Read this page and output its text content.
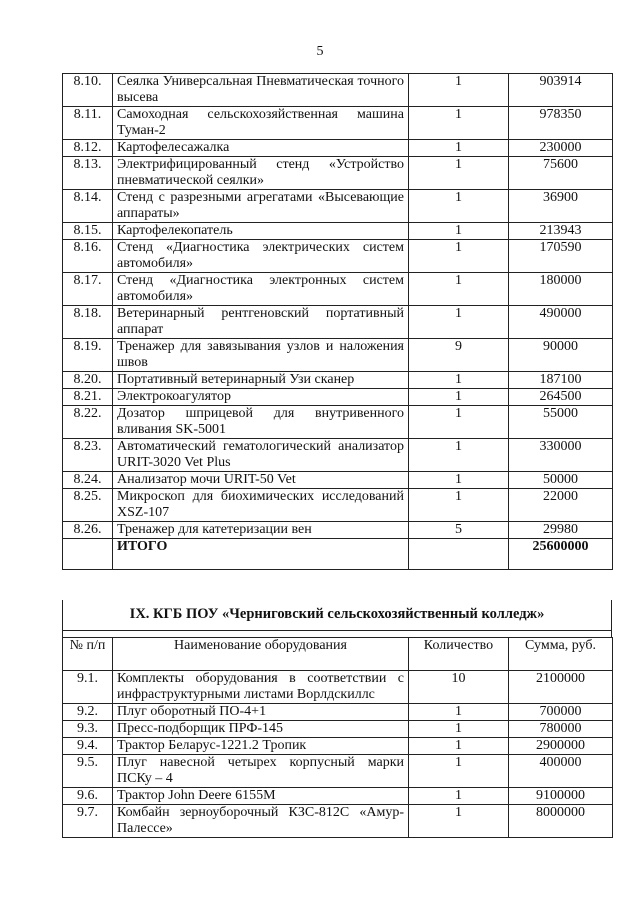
5
8.10.	Сеялка Универсальная Пневматическая точного высева	1	903914
8.11.	Самоходная сельскохозяйственная машина Туман-2	1	978350
8.12.	Картофелесажалка	1	230000
8.13.	Электрифицированный стенд «Устройство пневматической сеялки»	1	75600
8.14.	Стенд с разрезными агрегатами «Высевающие аппараты»	1	36900
8.15.	Картофелекопатель	1	213943
8.16.	Стенд «Диагностика электрических систем автомобиля»	1	170590
8.17.	Стенд «Диагностика электронных систем автомобиля»	1	180000
8.18.	Ветеринарный рентгеновский портативный аппарат	1	490000
8.19.	Тренажер для завязывания узлов и наложения швов	9	90000
8.20.	Портативный ветеринарный Узи сканер	1	187100
8.21.	Электрокоагулятор	1	264500
8.22.	Дозатор шприцевой для внутривенного вливания SK-5001	1	55000
8.23.	Автоматический гематологический анализатор URIT-3020 Vet Plus	1	330000
8.24.	Анализатор мочи URIT-50 Vet	1	50000
8.25.	Микроскоп для биохимических исследований XSZ-107	1	22000
8.26.	Тренажер для катетеризации вен	5	29980
	ИТОГО		25600000
IX. КГБ ПОУ «Черниговский сельскохозяйственный колледж»
№ п/п	Наименование оборудования	Количество	Сумма, руб.
9.1.	Комплекты оборудования в соответствии с инфраструктурными листами Ворлдскиллс	10	2100000
9.2.	Плуг оборотный ПО-4+1	1	700000
9.3.	Пресс-подборщик ПРФ-145	1	780000
9.4.	Трактор Беларус-1221.2 Тропик	1	2900000
9.5.	Плуг навесной четырех корпусный марки ПСКу – 4	1	400000
9.6.	Трактор John Deere 6155M	1	9100000
9.7.	Комбайн зерноуборочный КЗС-812С «Амур-Палессе»	1	8000000
